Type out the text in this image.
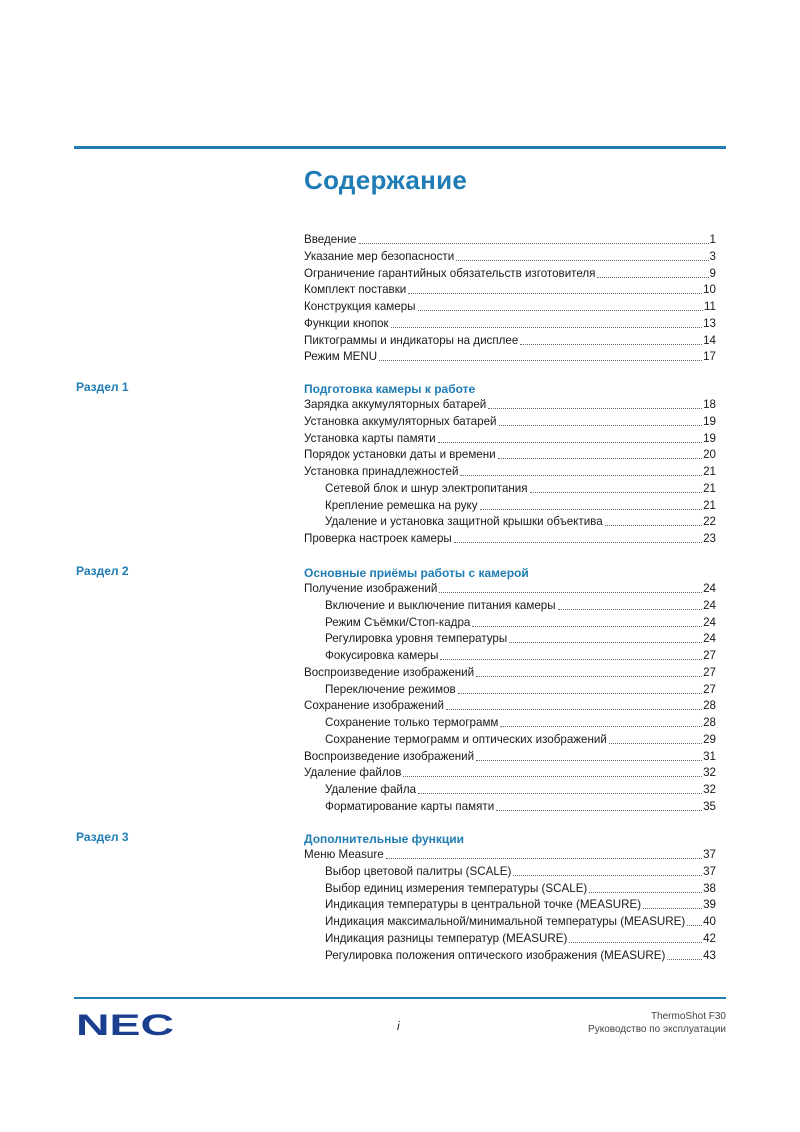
Содержание
Введение	1
Указание мер безопасности	3
Ограничение гарантийных обязательств изготовителя	9
Комплект поставки	10
Конструкция камеры	11
Функции кнопок	13
Пиктограммы и индикаторы на дисплее	14
Режим MENU	17
Раздел 1	Подготовка камеры к работе
Зарядка аккумуляторных батарей	18
Установка аккумуляторных батарей	19
Установка карты памяти	19
Порядок установки даты и времени	20
Установка принадлежностей	21
Сетевой блок и шнур электропитания	21
Крепление ремешка на руку	21
Удаление и установка защитной крышки объектива	22
Проверка настроек камеры	23
Раздел 2	Основные приёмы работы с камерой
Получение изображений	24
Включение и выключение питания камеры	24
Режим Съёмки/Стоп-кадра	24
Регулировка уровня температуры	24
Фокусировка камеры	27
Воспроизведение изображений	27
Переключение режимов	27
Сохранение изображений	28
Сохранение только термограмм	28
Сохранение термограмм и оптических изображений	29
Воспроизведение изображений	31
Удаление файлов	32
Удаление файла	32
Форматирование карты памяти	35
Раздел 3	Дополнительные функции
Меню Measure	37
Выбор цветовой палитры (SCALE)	37
Выбор единиц измерения температуры (SCALE)	38
Индикация температуры в центральной точке (MEASURE)	39
Индикация максимальной/минимальной температуры (MEASURE) 40
Индикация разницы температур (MEASURE)	42
Регулировка положения оптического изображения (MEASURE)	43
NEC	i
ThermoShot F30
Руководство по эксплуатации
